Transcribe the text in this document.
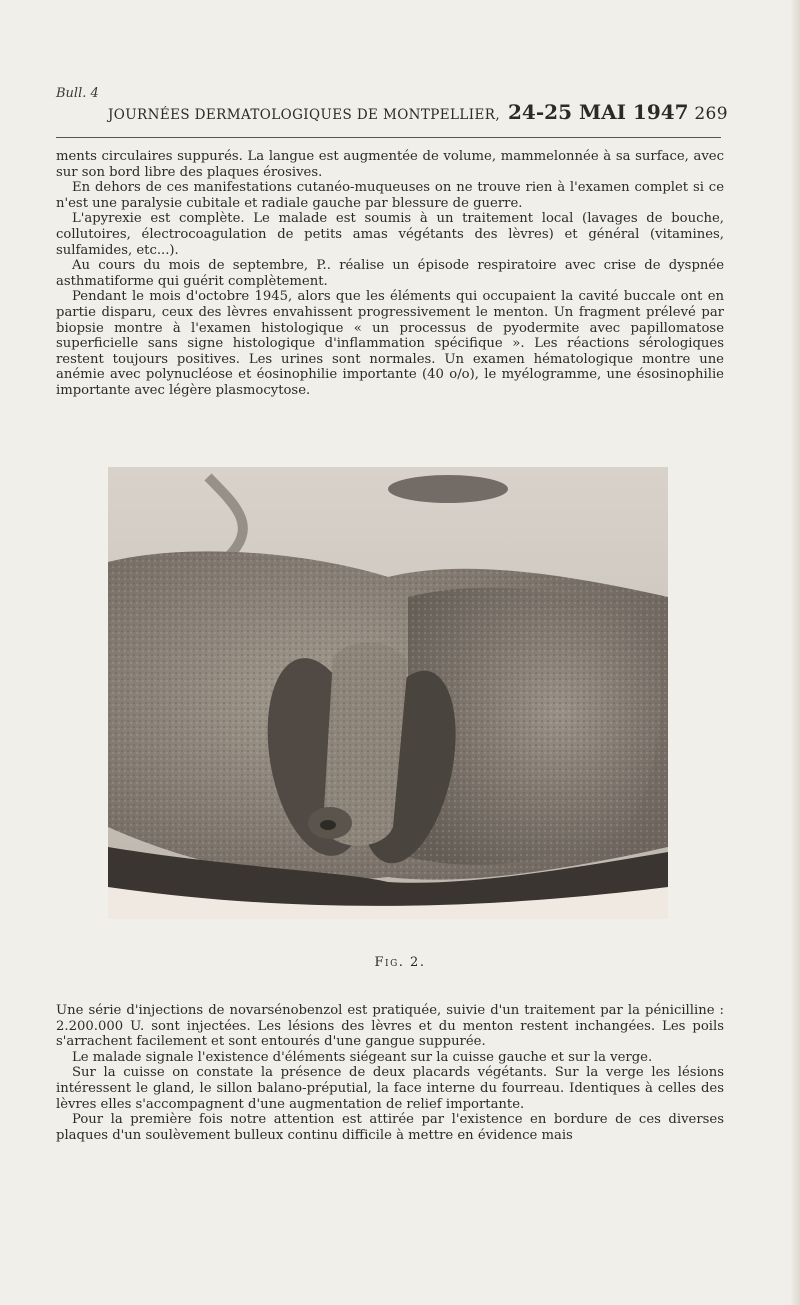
Bull. 4
JOURNÉES DERMATOLOGIQUES DE MONTPELLIER, 24-25 MAI 1947 269

ments circulaires suppurés. La langue est augmentée de volume, mammelonnée à sa surface, avec sur son bord libre des plaques érosives.

En dehors de ces manifestations cutanéo-muqueuses on ne trouve rien à l'examen complet si ce n'est une paralysie cubitale et radiale gauche par blessure de guerre.

L'apyrexie est complète. Le malade est soumis à un traitement local (lavages de bouche, collutoires, électrocoagulation de petits amas végétants des lèvres) et général (vitamines, sulfamides, etc...).

Au cours du mois de septembre, P.. réalise un épisode respiratoire avec crise de dyspnée asthmatiforme qui guérit complètement.

Pendant le mois d'octobre 1945, alors que les éléments qui occupaient la cavité buccale ont en partie disparu, ceux des lèvres envahissent progressivement le menton. Un fragment prélevé par biopsie montre à l'examen histologique « un processus de pyodermite avec papillomatose superficielle sans signe histologique d'inflammation spécifique ». Les réactions sérologiques restent toujours positives. Les urines sont normales. Un examen hématologique montre une anémie avec polynucléose et éosinophilie importante (40 o/o), le myélogramme, une ésosinophilie importante avec légère plasmocytose.

Fig. 2.

Une série d'injections de novarsénobenzol est pratiquée, suivie d'un traitement par la pénicilline : 2.200.000 U. sont injectées. Les lésions des lèvres et du menton restent inchangées. Les poils s'arrachent facilement et sont entourés d'une gangue suppurée.

Le malade signale l'existence d'éléments siégeant sur la cuisse gauche et sur la verge.

Sur la cuisse on constate la présence de deux placards végétants. Sur la verge les lésions intéressent le gland, le sillon balano-préputial, la face interne du fourreau. Identiques à celles des lèvres elles s'accompagnent d'une augmentation de relief importante.

Pour la première fois notre attention est attirée par l'existence en bordure de ces diverses plaques d'un soulèvement bulleux continu difficile à mettre en évidence mais
